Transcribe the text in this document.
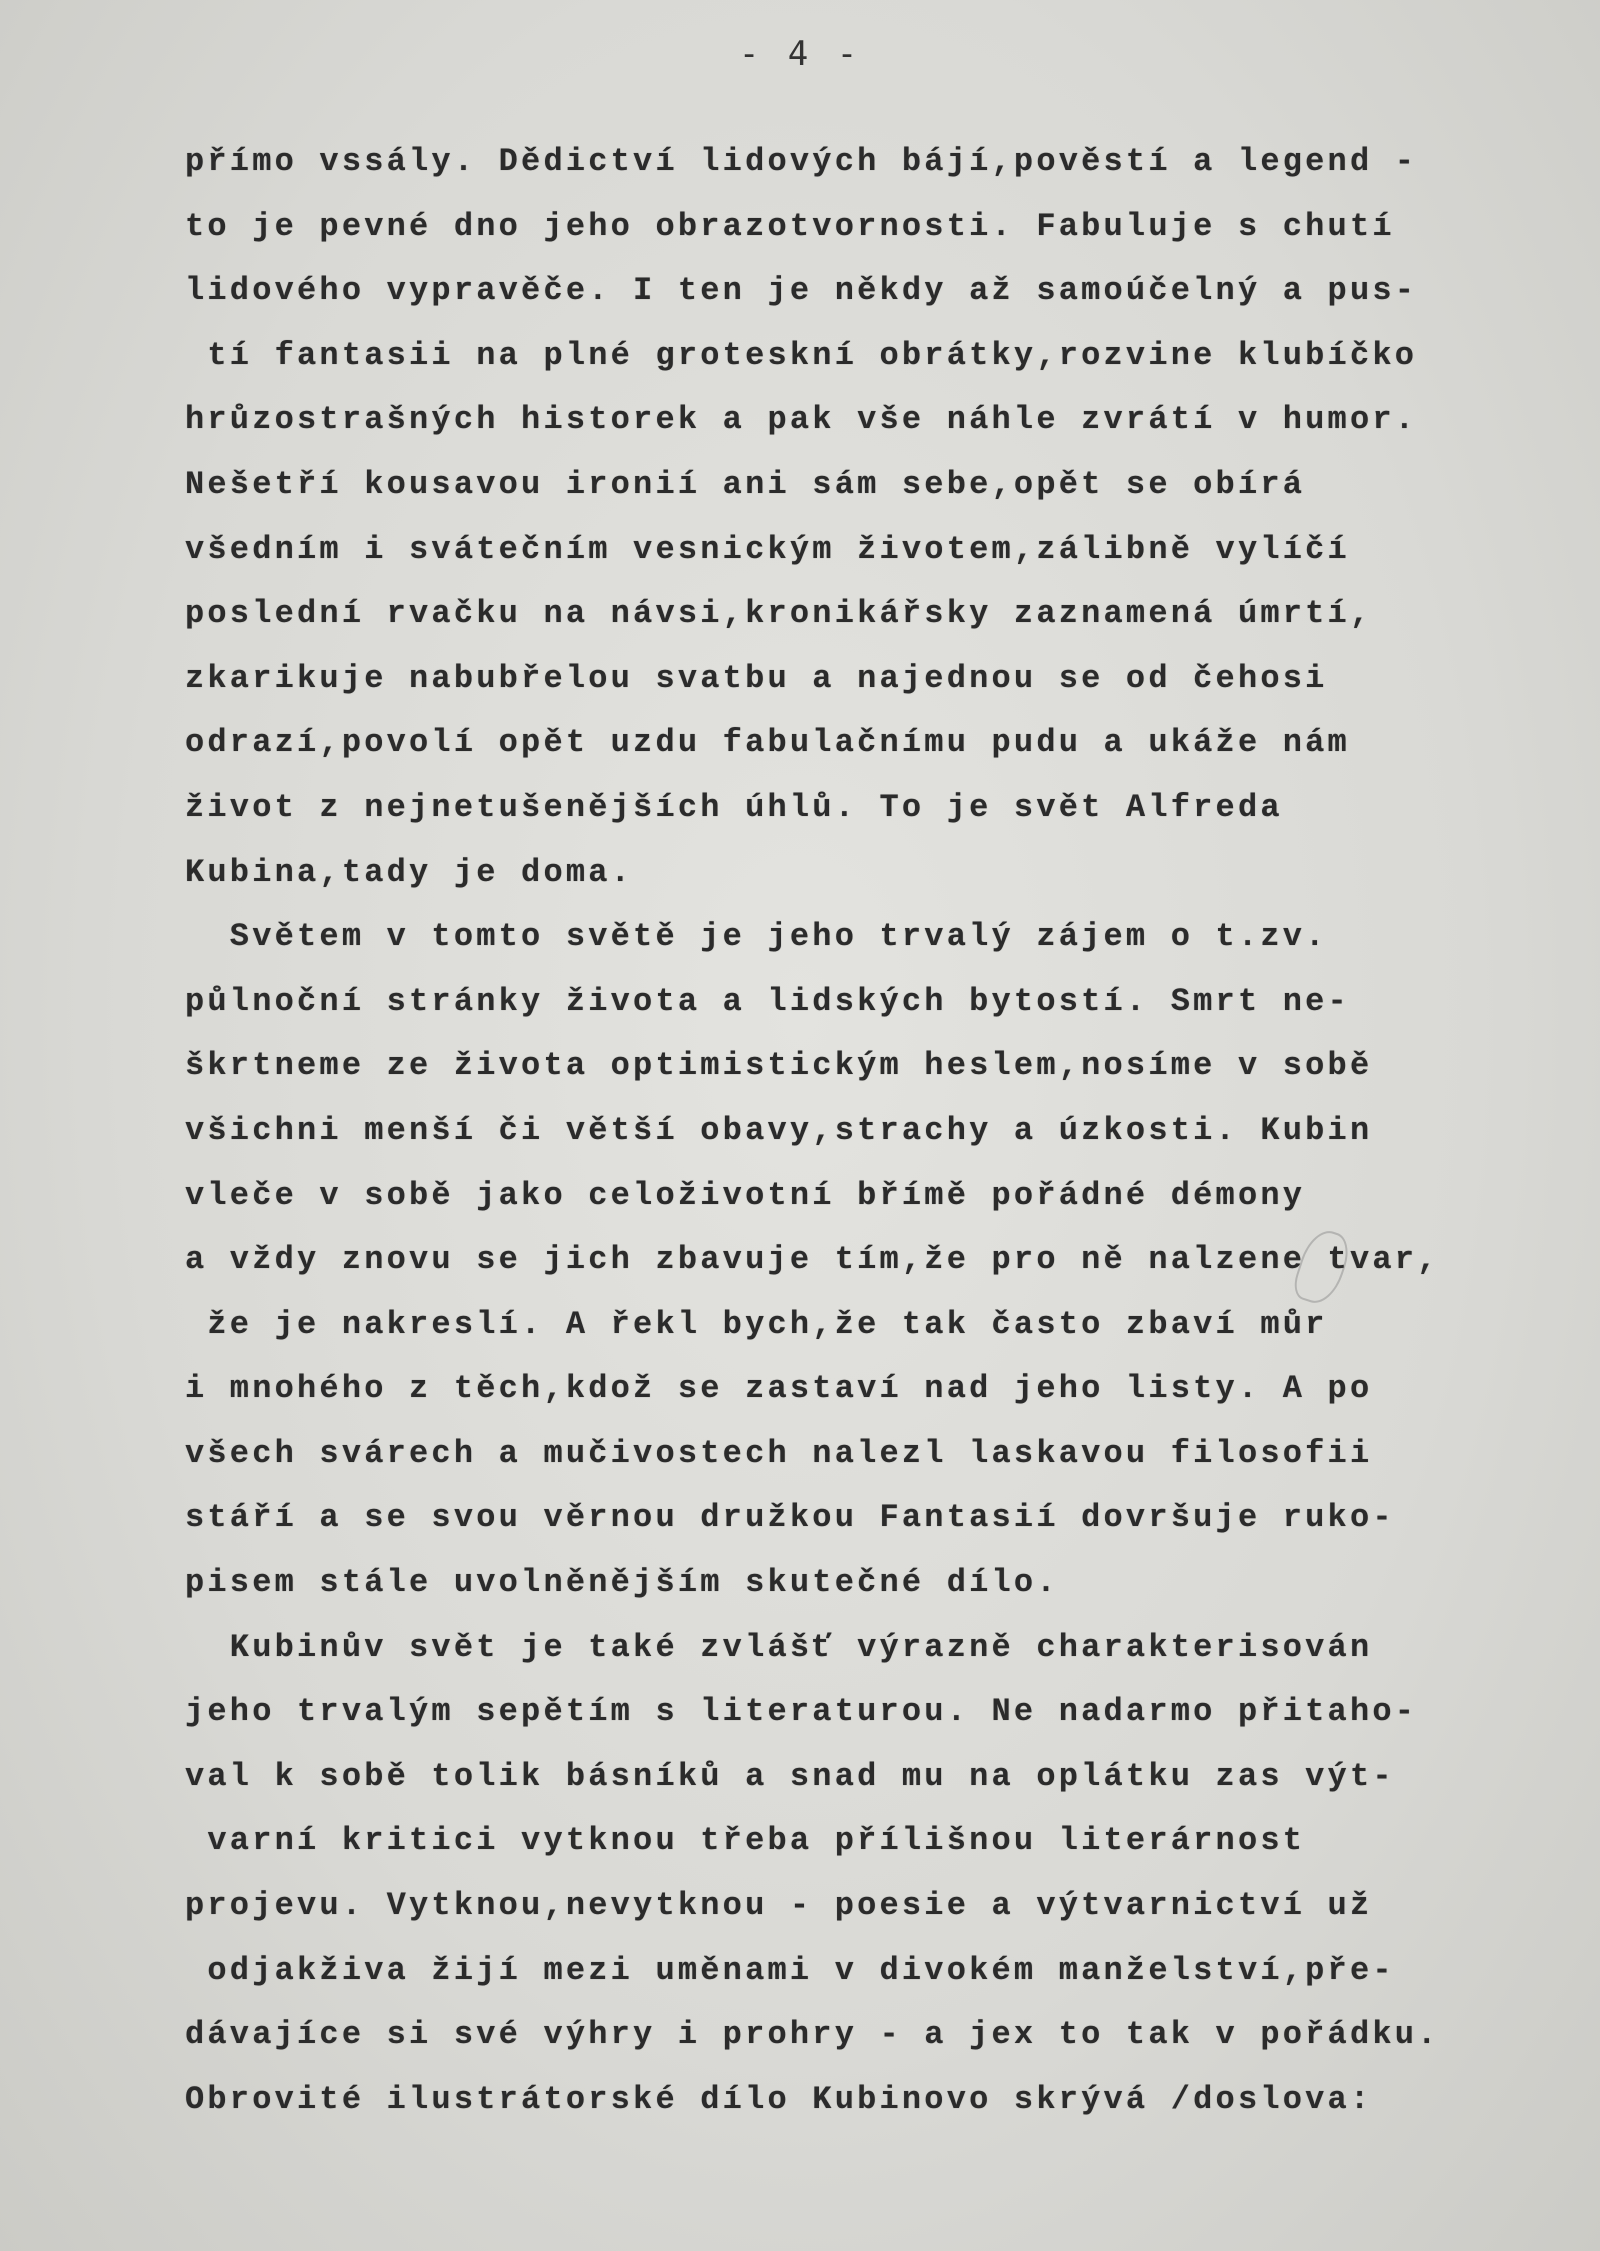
- 4 -
přímo vssály. Dědictví lidových bájí,pověstí a legend -
to je pevné dno jeho obrazotvornosti. Fabuluje s chutí
lidového vypravěče. I ten je někdy až samoúčelný a pus-
tí fantasii na plné groteskní obrátky,rozvine klubíčko
hrůzostrašných historek a pak vše náhle zvrátí v humor.
Nešetří kousavou ironií ani sám sebe,opět se obírá
všedním i svátečním vesnickým životem,zálibně vylíčí
poslední rvačku na návsi,kronikářsky zaznamená úmrtí,
zkarikuje nabubřelou svatbu a najednou se od čehosi
odrazí,povolí opět uzdu fabulačnímu pudu a ukáže nám
život z nejnetušenějších úhlů. To je svět Alfreda
Kubina,tady je doma.
Světem v tomto světě je jeho trvalý zájem o t.zv.
půlnoční stránky života a lidských bytostí. Smrt ne-
škrtneme ze života optimistickým heslem,nosíme v sobě
všichni menší či větší obavy,strachy a úzkosti. Kubin
vleče v sobě jako celoživotní břímě pořádné démony
a vždy znovu se jich zbavuje tím,že pro ně nalzene tvar,
že je nakreslí. A řekl bych,že tak často zbaví můr
i mnohého z těch,kdož se zastaví nad jeho listy. A po
všech svárech a mučivostech nalezl laskavou filosofii
stáří a se svou věrnou družkou Fantasií dovršuje ruko-
pisem stále uvolněnějším skutečné dílo.
Kubinův svět je také zvlášť výrazně charakterisován
jeho trvalým sepětím s literaturou. Ne nadarmo přitaho-
val k sobě tolik básníků a snad mu na oplátku zas výt-
varní kritici vytknou třeba přílišnou literárnost
projevu. Vytknou,nevytknou - poesie a výtvarnictví už
odjakživa žijí mezi uměnami v divokém manželství,pře-
dávajíce si své výhry i prohry - a jex to tak v pořádku.
Obrovité ilustrátorské dílo Kubinovo skrývá /doslova:
